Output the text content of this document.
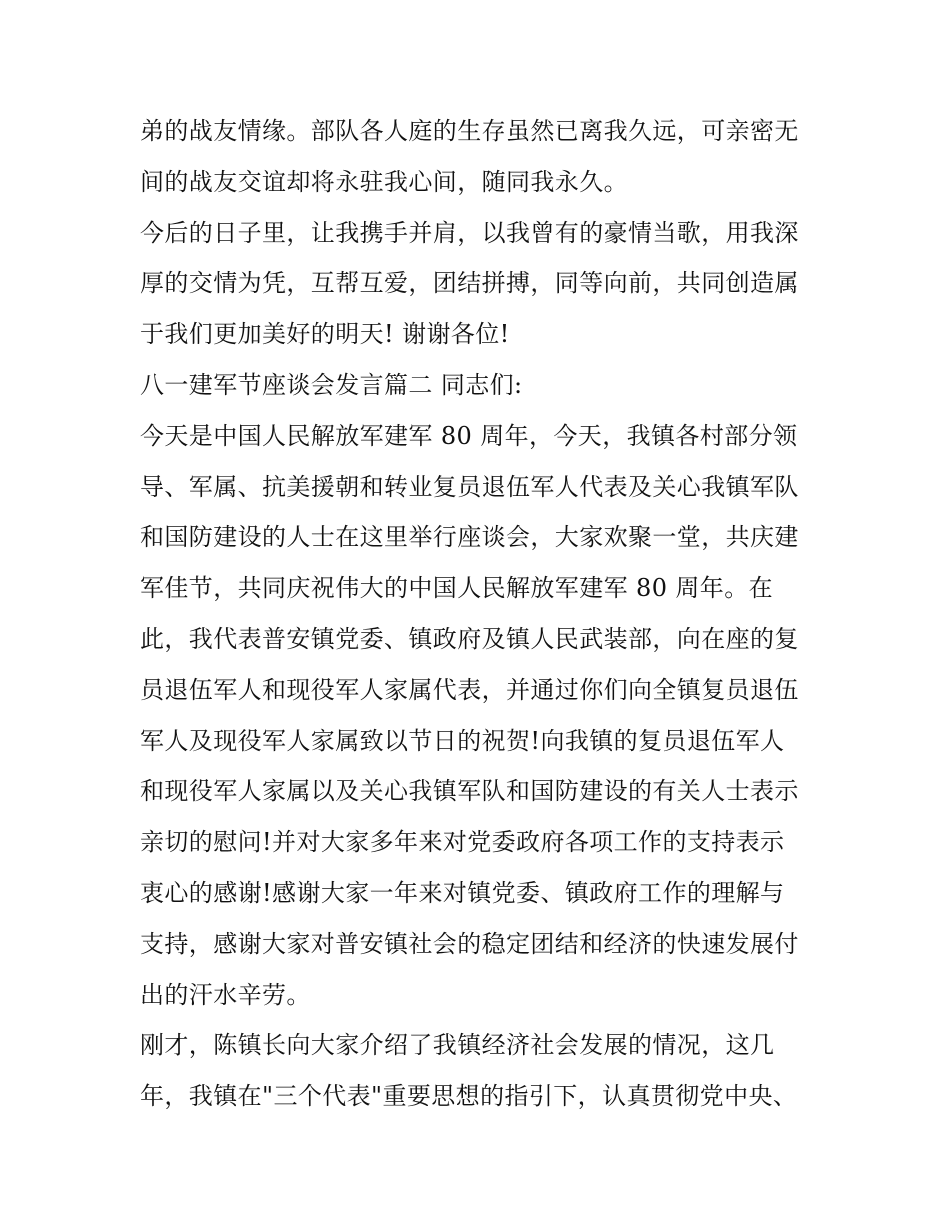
弟的战友情缘。部队各人庭的生存虽然已离我久远，可亲密无

间的战友交谊却将永驻我心间，随同我永久。

今后的日子里，让我携手并肩，以我曾有的豪情当歌，用我深

厚的交情为凭，互帮互爱，团结拼搏，同等向前，共同创造属

于我们更加美好的明天! 谢谢各位!

八一建军节座谈会发言篇二 同志们:

今天是中国人民解放军建军 80 周年，今天，我镇各村部分领

导、军属、抗美援朝和转业复员退伍军人代表及关心我镇军队

和国防建设的人士在这里举行座谈会，大家欢聚一堂，共庆建

军佳节，共同庆祝伟大的中国人民解放军建军 80 周年。在

此，我代表普安镇党委、镇政府及镇人民武装部，向在座的复

员退伍军人和现役军人家属代表，并通过你们向全镇复员退伍

军人及现役军人家属致以节日的祝贺!向我镇的复员退伍军人

和现役军人家属以及关心我镇军队和国防建设的有关人士表示

亲切的慰问!并对大家多年来对党委政府各项工作的支持表示

衷心的感谢!感谢大家一年来对镇党委、镇政府工作的理解与

支持，感谢大家对普安镇社会的稳定团结和经济的快速发展付

出的汗水辛劳。

刚才，陈镇长向大家介绍了我镇经济社会发展的情况，这几

年，我镇在"三个代表"重要思想的指引下，认真贯彻党中央、
